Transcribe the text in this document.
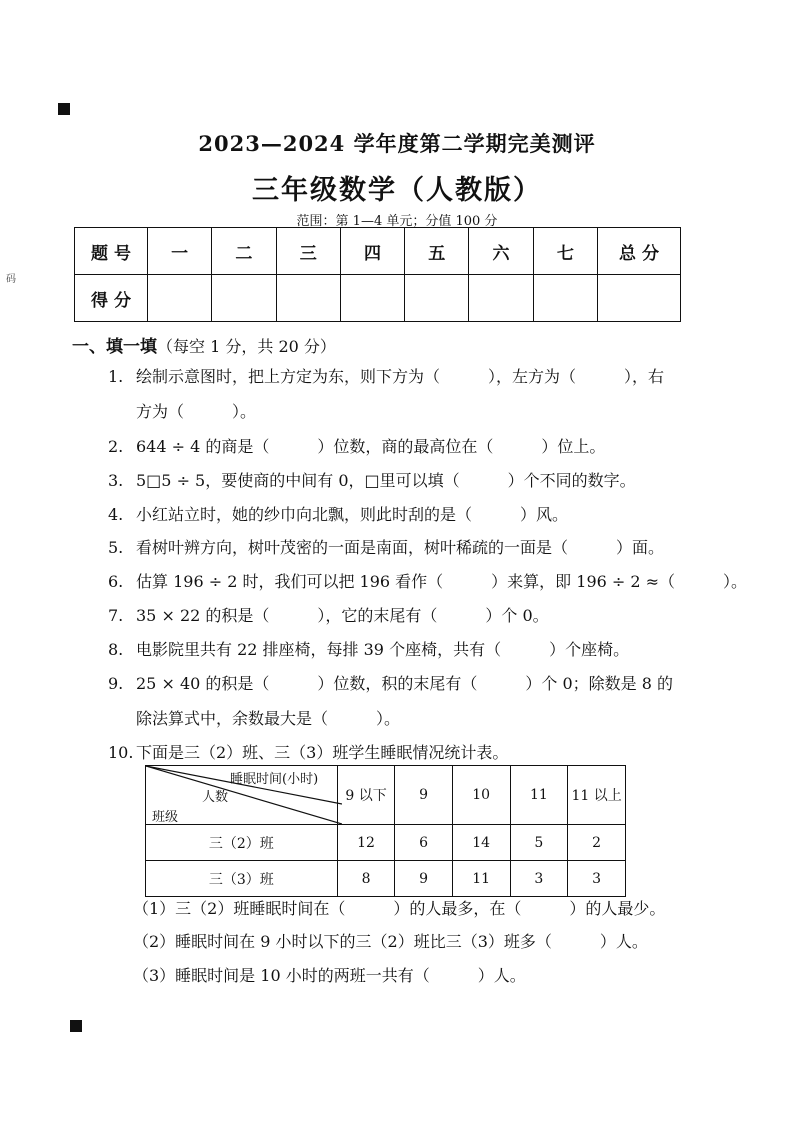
码
2023—2024 学年度第二学期完美测评
三年级数学（人教版）
范围：第 1—4 单元；分值 100 分
题 号	一	二	三	四	五	六	七	总 分
得 分								
一、填一填（每空 1 分，共 20 分）
1. 绘制示意图时，把上方定为东，则下方为（　　　），左方为（　　　），右
方为（　　　）。
2. 644 ÷ 4 的商是（　　　）位数，商的最高位在（　　　）位上。
3. 5□5 ÷ 5，要使商的中间有 0，□里可以填（　　　）个不同的数字。
4. 小红站立时，她的纱巾向北飘，则此时刮的是（　　　）风。
5. 看树叶辨方向，树叶茂密的一面是南面，树叶稀疏的一面是（　　　）面。
6. 估算 196 ÷ 2 时，我们可以把 196 看作（　　　）来算，即 196 ÷ 2 ≈（　　　）。
7. 35 × 22 的积是（　　　），它的末尾有（　　　）个 0。
8. 电影院里共有 22 排座椅，每排 39 个座椅，共有（　　　）个座椅。
9. 25 × 40 的积是（　　　）位数，积的末尾有（　　　）个 0；除数是 8 的
除法算式中，余数最大是（　　　）。
10. 下面是三（2）班、三（3）班学生睡眠情况统计表。
睡眠时间(小时)
人数
班级	9 以下	9	10	11	11 以上
三（2）班	12	6	14	5	2
三（3）班	8	9	11	3	3
（1）三（2）班睡眠时间在（　　　）的人最多，在（　　　）的人最少。
（2）睡眠时间在 9 小时以下的三（2）班比三（3）班多（　　　）人。
（3）睡眠时间是 10 小时的两班一共有（　　　）人。
